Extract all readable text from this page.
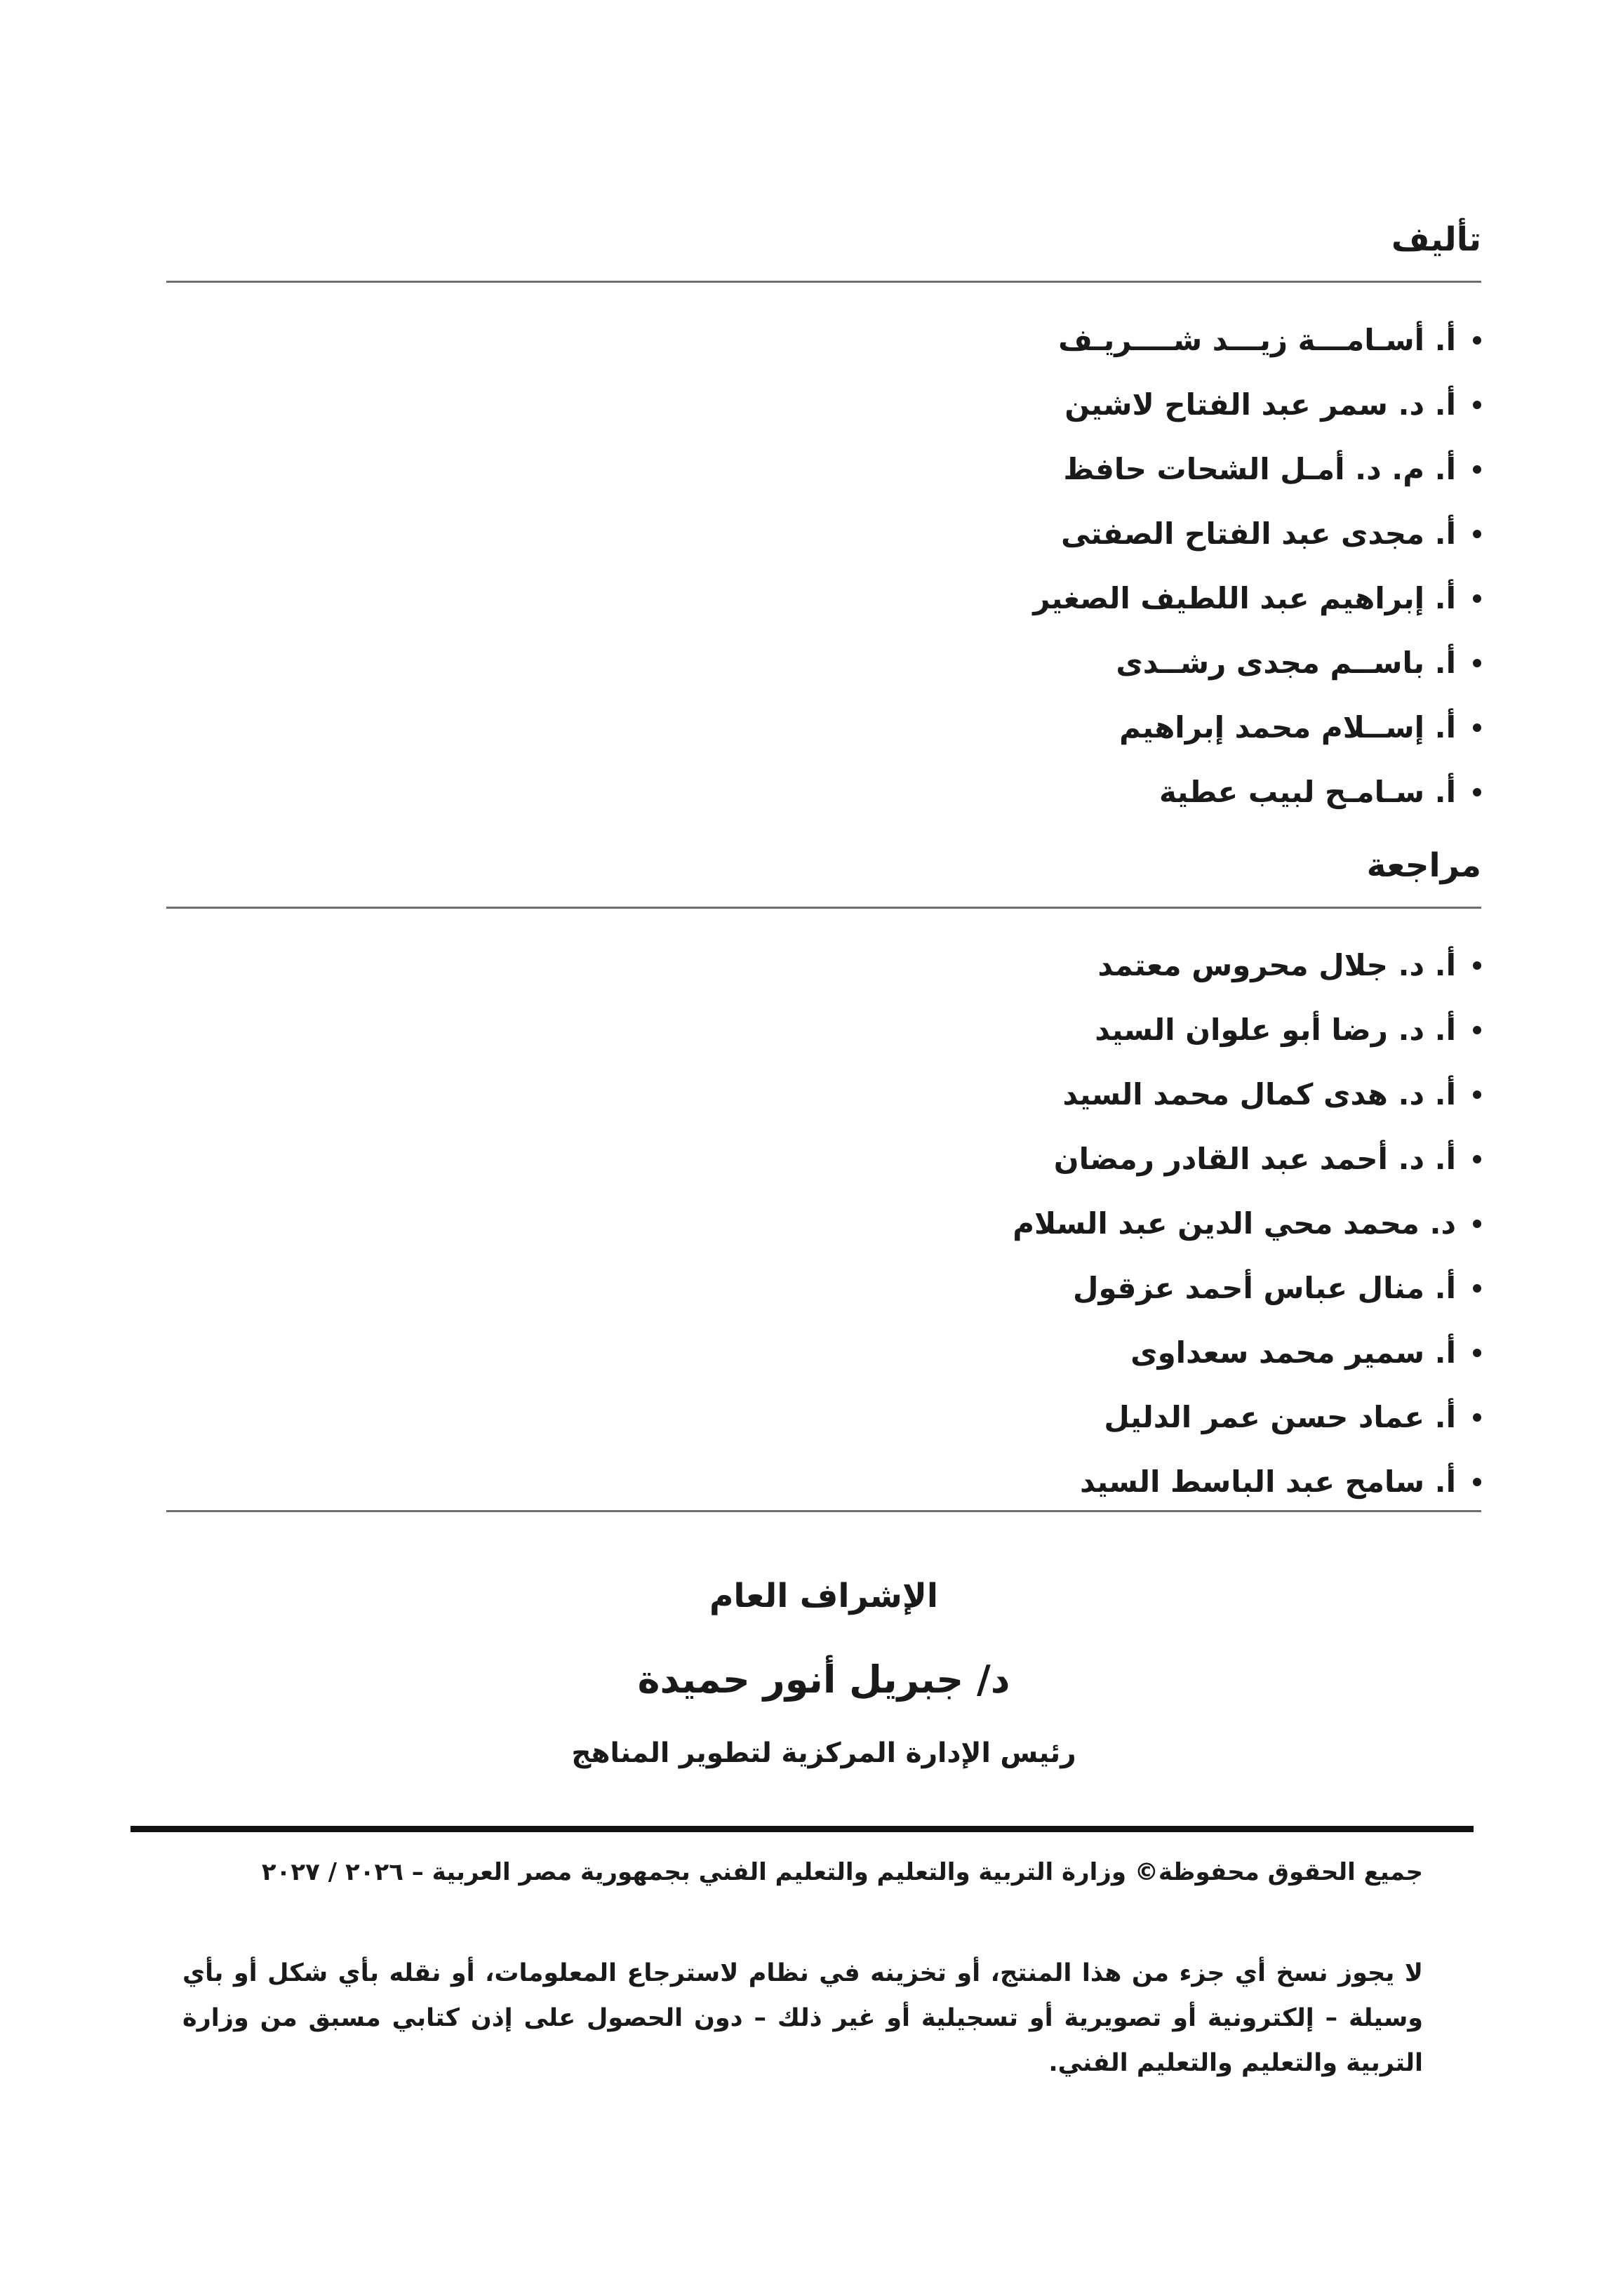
تأليف
أ. أسـامـــة زيـــد شــــريـف
أ. د. سمر عبد الفتاح لاشين
أ. م. د. أمـل الشحات حافظ
أ. مجدى عبد الفتاح الصفتى
أ. إبراهيم عبد اللطيف الصغير
أ. باســم مجدى رشــدى
أ. إســلام محمد إبراهيم
أ. سـامـح لبيب عطية
مراجعة
أ. د. جلال محروس معتمد
أ. د. رضا أبو علوان السيد
أ. د. هدى كمال محمد السيد
أ. د. أحمد عبد القادر رمضان
د. محمد محي الدين عبد السلام
أ. منال عباس أحمد عزقول
أ. سمير محمد سعداوى
أ. عماد حسن عمر الدليل
أ. سامح عبد الباسط السيد
الإشراف العام
د/ جبريل أنور حميدة
رئيس الإدارة المركزية لتطوير المناهج

جميع الحقوق محفوظة© وزارة التربية والتعليم والتعليم الفني بجمهورية مصر العربية – ٢٠٢٦ / ٢٠٢٧

لا يجوز نسخ أي جزء من هذا المنتج، أو تخزينه في نظام لاسترجاع المعلومات، أو نقله بأي شكل أو بأي وسيلة – إلكترونية أو تصويرية أو تسجيلية أو غير ذلك – دون الحصول على إذن كتابي مسبق من وزارة التربية والتعليم والتعليم الفني.
